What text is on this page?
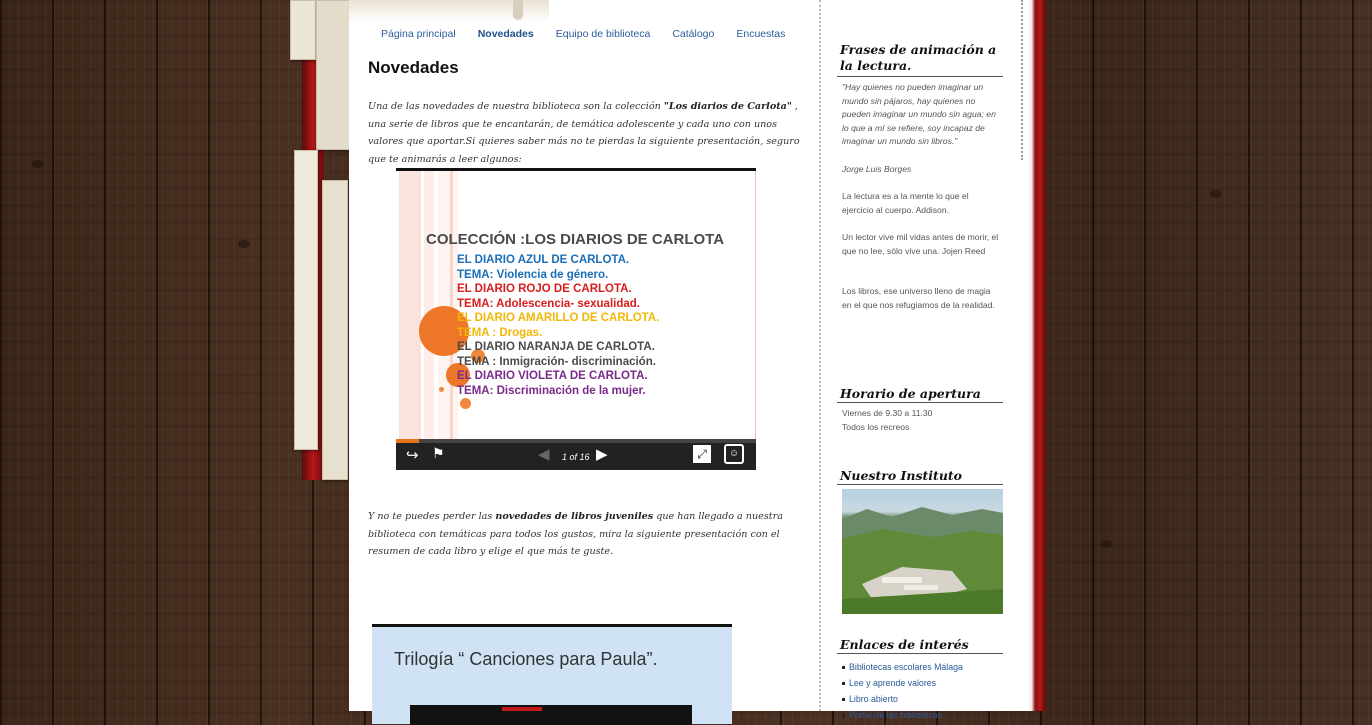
Página principal Novedades Equipo de biblioteca Catálogo Encuestas
Novedades

Una de las novedades de nuestra biblioteca son la colección "Los diarios de Carlota" , una serie de libros que te encantarán, de temática adolescente y cada uno con unos valores que aportar.Si quieres saber más no te pierdas la siguiente presentación, seguro que te animarás a leer algunos:

COLECCIÓN :LOS DIARIOS DE CARLOTA
EL DIARIO AZUL DE CARLOTA.
TEMA: Violencia de género.
EL DIARIO ROJO DE CARLOTA.
TEMA: Adolescencia- sexualidad.
EL DIARIO AMARILLO DE CARLOTA.
TEMA : Drogas.
EL DIARIO NARANJA DE CARLOTA.
TEMA : Inmigración- discriminación.
EL DIARIO VIOLETA DE CARLOTA.
TEMA: Discriminación de la mujer.
↪ ⚑	◀ 1 of 16 ▶	⤢	☺

Y no te puedes perder las novedades de libros juveniles que han llegado a nuestra biblioteca con temáticas para todos los gustos, mira la siguiente presentación con el resumen de cada libro y elige el que más te guste.

Trilogía “ Canciones para Paula”.
Frases de animación a la lectura.
"Hay quienes no pueden imaginar un mundo sin pájaros, hay quienes no pueden imaginar un mundo sin agua; en lo que a mí se refiere, soy incapaz de imaginar un mundo sin libros."
Jorge Luis Borges
La lectura es a la mente lo que el ejercicio al cuerpo. Addison.
Un lector vive mil vidas antes de morir, el que no lee, sólo vive una. Jojen Reed
Los libros, ese universo lleno de magia en el que nos refugiamos de la realidad.
Horario de apertura
Viernes de 9.30 a 11.30
Todos los recreos
Nuestro Instituto
Enlaces de interés
Bibliotecas escolares Málaga
Lee y aprende valores
Libro abierto
Portal de las bibliotecas
